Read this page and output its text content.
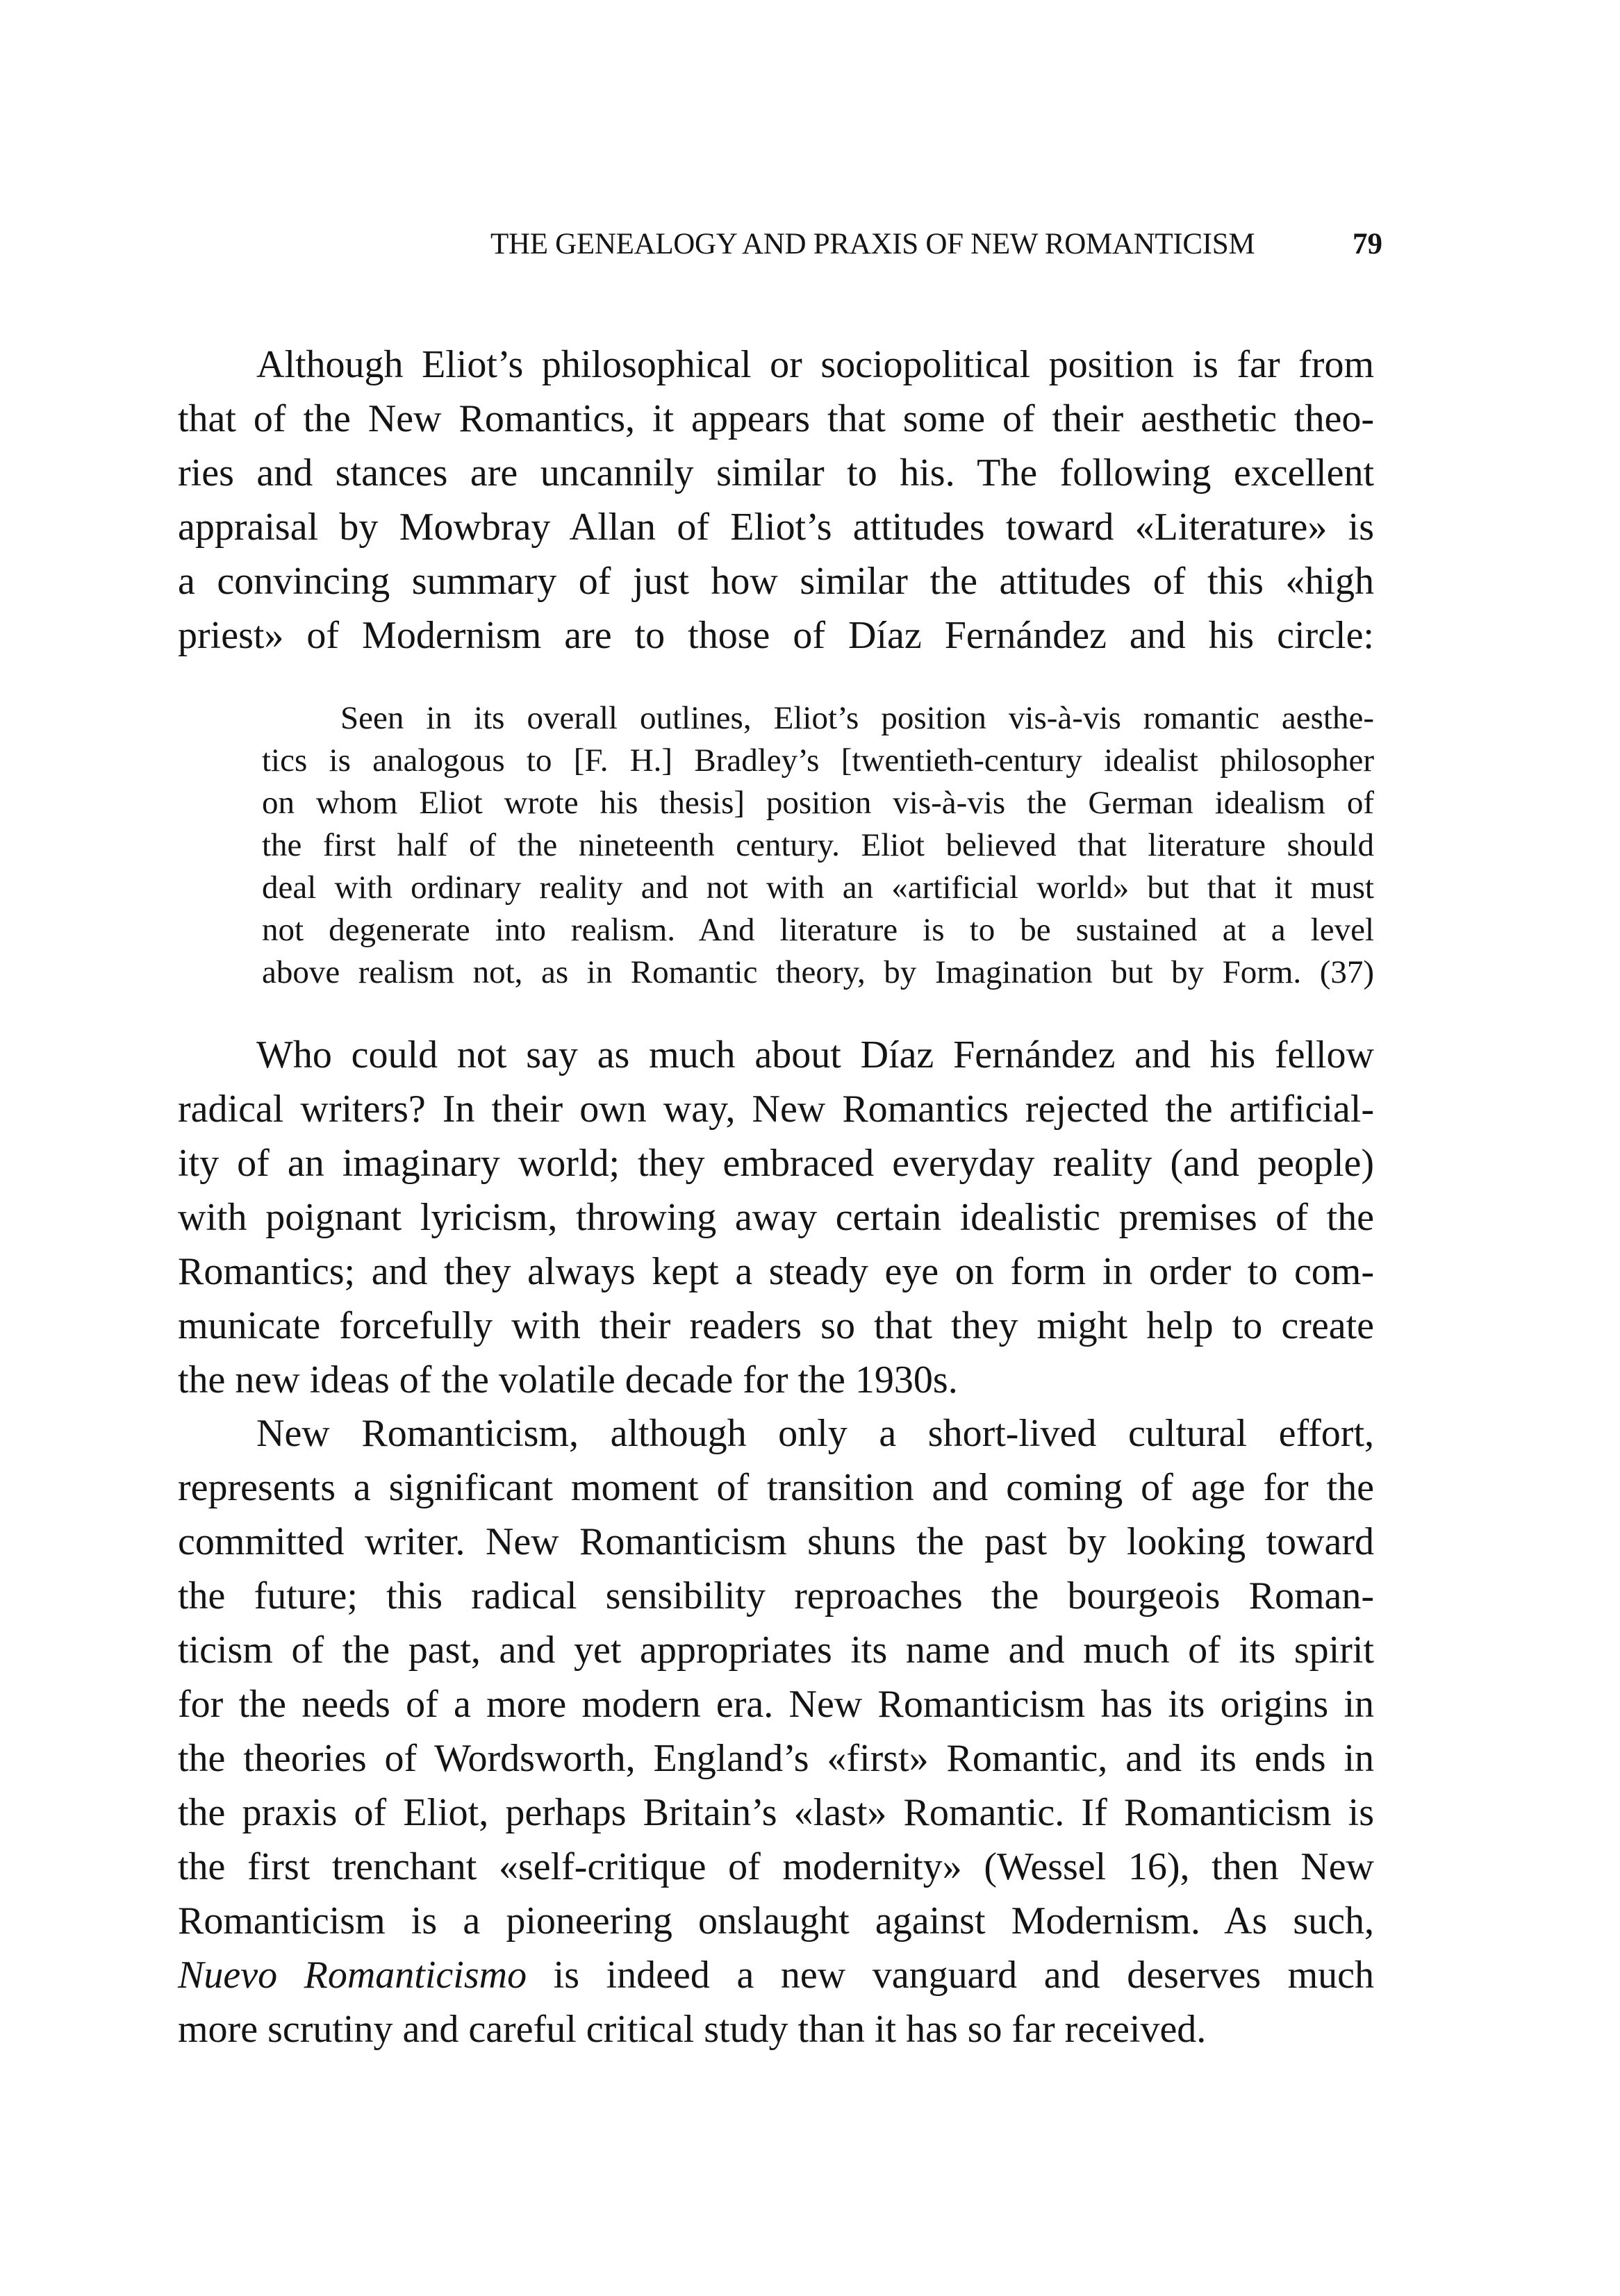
THE GENEALOGY AND PRAXIS OF NEW ROMANTICISM	79
Although Eliot’s philosophical or sociopolitical position is far from
that of the New Romantics, it appears that some of their aesthetic theo-
ries and stances are uncannily similar to his. The following excellent
appraisal by Mowbray Allan of Eliot’s attitudes toward «Literature» is
a convincing summary of just how similar the attitudes of this «high
priest» of Modernism are to those of Díaz Fernández and his circle:
Seen in its overall outlines, Eliot’s position vis-à-vis romantic aesthe-
tics is analogous to [F. H.] Bradley’s [twentieth-century idealist philosopher
on whom Eliot wrote his thesis] position vis-à-vis the German idealism of
the first half of the nineteenth century. Eliot believed that literature should
deal with ordinary reality and not with an «artificial world» but that it must
not degenerate into realism. And literature is to be sustained at a level
above realism not, as in Romantic theory, by Imagination but by Form. (37)
Who could not say as much about Díaz Fernández and his fellow
radical writers? In their own way, New Romantics rejected the artificial-
ity of an imaginary world; they embraced everyday reality (and people)
with poignant lyricism, throwing away certain idealistic premises of the
Romantics; and they always kept a steady eye on form in order to com-
municate forcefully with their readers so that they might help to create
the new ideas of the volatile decade for the 1930s.
New Romanticism, although only a short-lived cultural effort,
represents a significant moment of transition and coming of age for the
committed writer. New Romanticism shuns the past by looking toward
the future; this radical sensibility reproaches the bourgeois Roman-
ticism of the past, and yet appropriates its name and much of its spirit
for the needs of a more modern era. New Romanticism has its origins in
the theories of Wordsworth, England’s «first» Romantic, and its ends in
the praxis of Eliot, perhaps Britain’s «last» Romantic. If Romanticism is
the first trenchant «self-critique of modernity» (Wessel 16), then New
Romanticism is a pioneering onslaught against Modernism. As such,
Nuevo Romanticismo is indeed a new vanguard and deserves much
more scrutiny and careful critical study than it has so far received.
